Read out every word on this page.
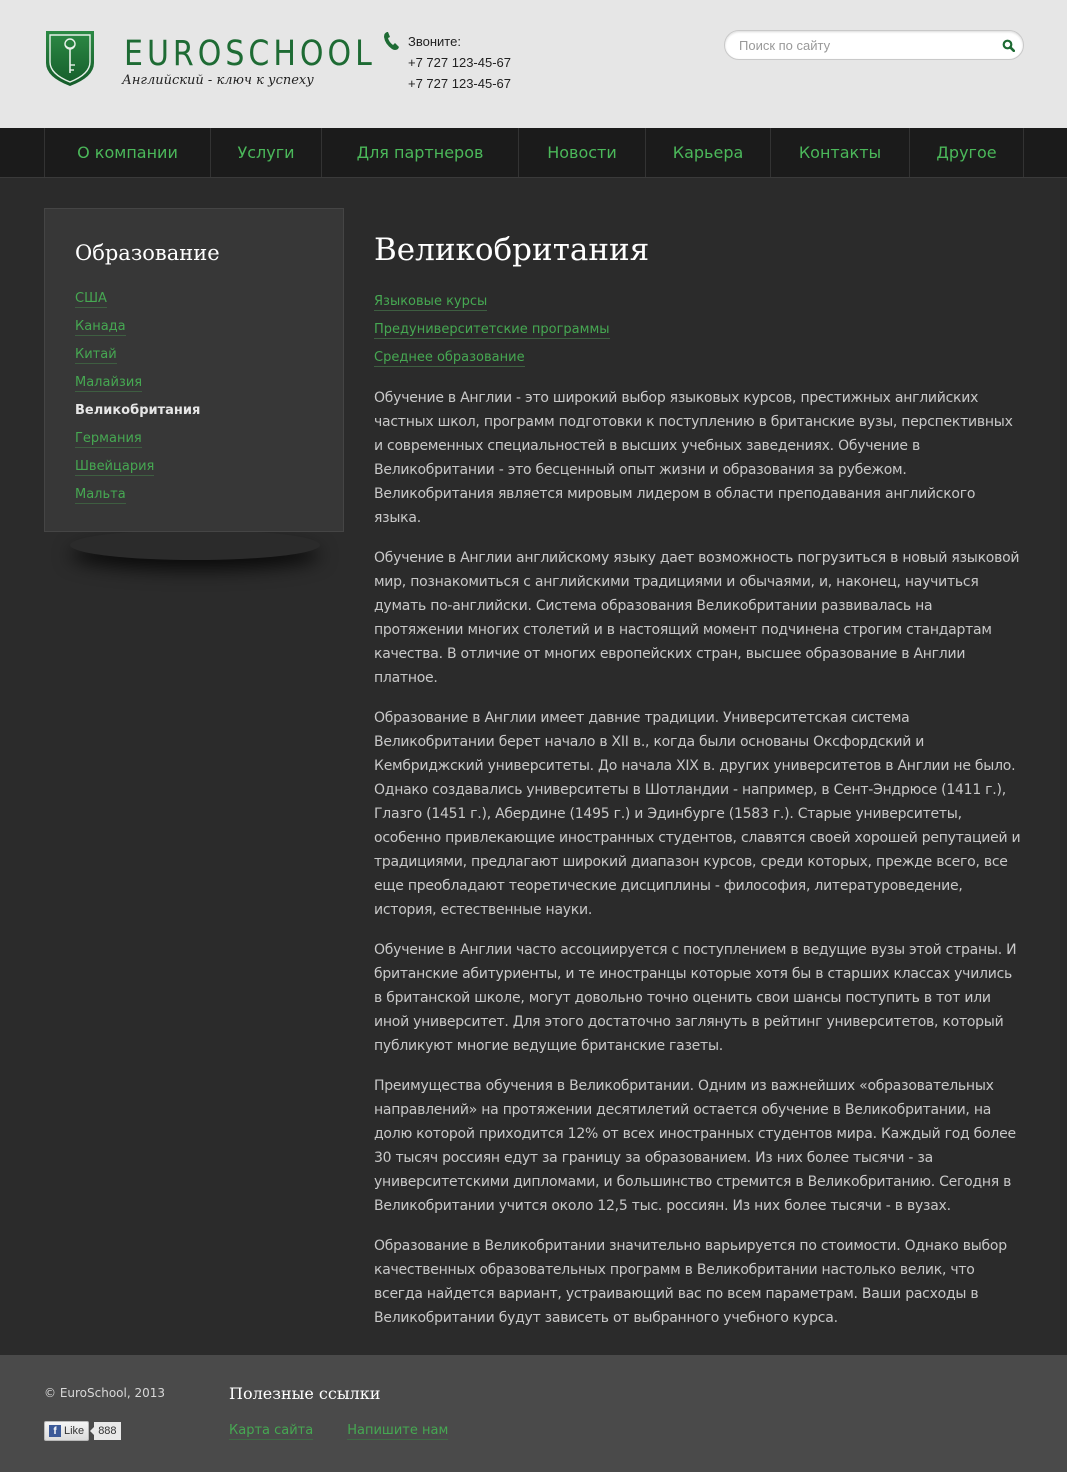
EUROSCHOOL
Английский - ключ к успеху
Звоните:
+7 727 123-45-67
+7 727 123-45-67
Поиск по сайту
О компании	Услуги	Для партнеров	Новости	Карьера	Контакты	Другое
Образование
США
Канада
Китай
Малайзия
Великобритания
Германия
Швейцария
Мальта
Великобритания
Языковые курсы
Предуниверситетские программы
Среднее образование

Обучение в Англии - это широкий выбор языковых курсов, престижных английских частных школ, программ подготовки к поступлению в британские вузы, перспективных и современных специальностей в высших учебных заведениях. Обучение в Великобритании - это бесценный опыт жизни и образования за рубежом. Великобритания является мировым лидером в области преподавания английского языка.

Обучение в Англии английскому языку дает возможность погрузиться в новый языковой мир, познакомиться с английскими традициями и обычаями, и, наконец, научиться думать по-английски. Система образования Великобритании развивалась на протяжении многих столетий и в настоящий момент подчинена строгим стандартам качества. В отличие от многих европейских стран, высшее образование в Англии платное.

Образование в Англии имеет давние традиции. Университетская система Великобритании берет начало в XII в., когда были основаны Оксфордский и Кембриджский университеты. До начала XIX в. других университетов в Англии не было. Однако создавались университеты в Шотландии - например, в Сент-Эндрюсе (1411 г.), Глазго (1451 г.), Абердине (1495 г.) и Эдинбурге (1583 г.). Старые университеты, особенно привлекающие иностранных студентов, славятся своей хорошей репутацией и традициями, предлагают широкий диапазон курсов, среди которых, прежде всего, все еще преобладают теоретические дисциплины - философия, литературоведение, история, естественные науки.

Обучение в Англии часто ассоциируется с поступлением в ведущие вузы этой страны. И британские абитуриенты, и те иностранцы которые хотя бы в старших классах учились в британской школе, могут довольно точно оценить свои шансы поступить в тот или иной университет. Для этого достаточно заглянуть в рейтинг университетов, который публикуют многие ведущие британские газеты.

Преимущества обучения в Великобритании. Одним из важнейших «образовательных направлений» на протяжении десятилетий остается обучение в Великобритании, на долю которой приходится 12% от всех иностранных студентов мира. Каждый год более 30 тысяч россиян едут за границу за образованием. Из них более тысячи - за университетскими дипломами, и большинство стремится в Великобританию. Сегодня в Великобритании учится около 12,5 тыс. россиян. Из них более тысячи - в вузах.

Образование в Великобритании значительно варьируется по стоимости. Однако выбор качественных образовательных программ в Великобритании настолько велик, что всегда найдется вариант, устраивающий вас по всем параметрам. Ваши расходы в Великобритании будут зависеть от выбранного учебного курса.

© EuroSchool, 2013
f Like	888
Полезные ссылки
Карта сайта	Напишите нам
